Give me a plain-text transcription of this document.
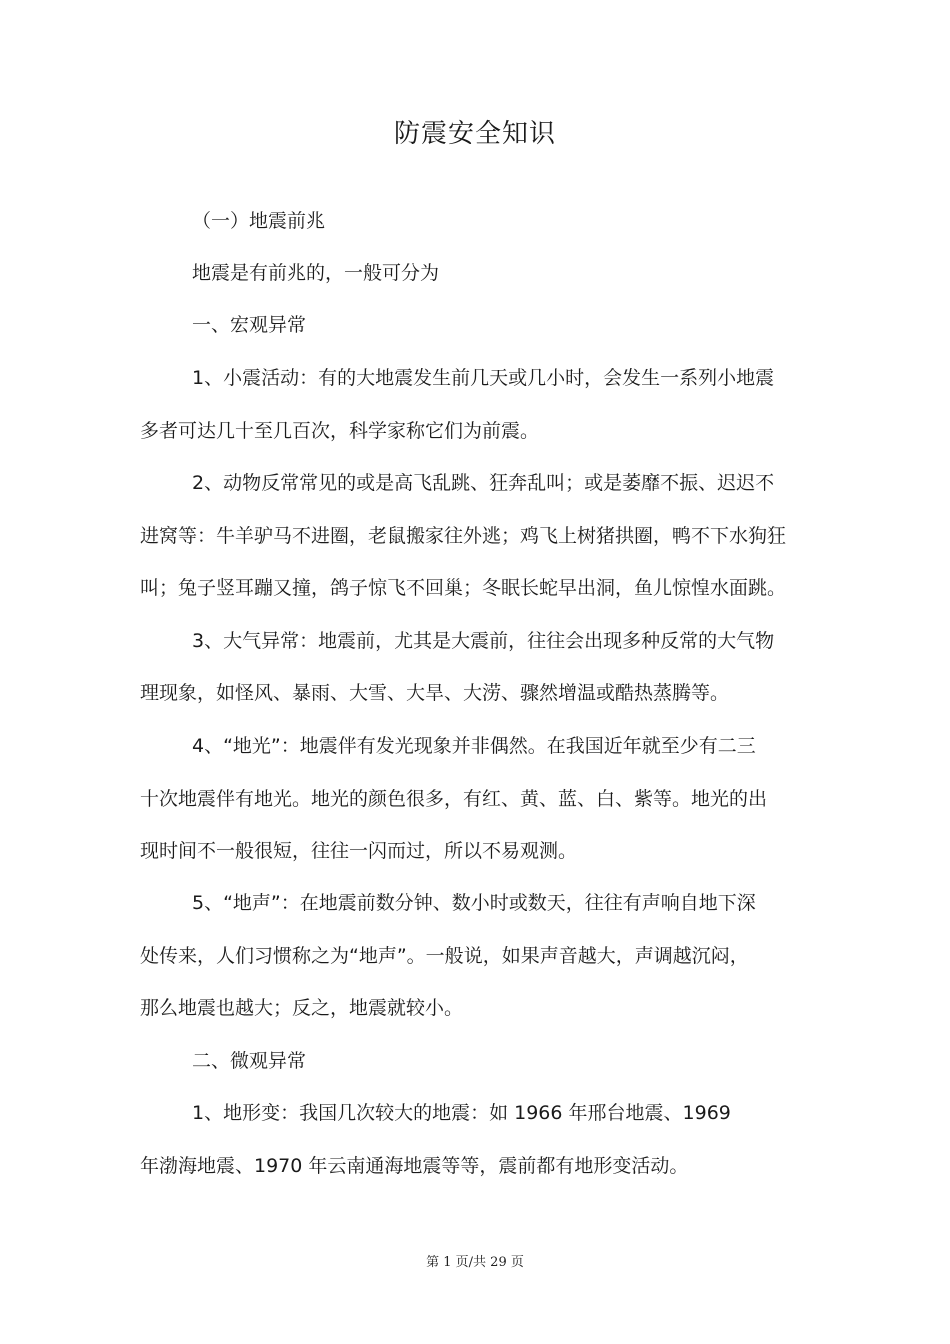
防震安全知识

（一）地震前兆

地震是有前兆的，一般可分为

一、宏观异常

1、小震活动：有的大地震发生前几天或几小时，会发生一系列小地震

多者可达几十至几百次，科学家称它们为前震。

2、动物反常常见的或是高飞乱跳、狂奔乱叫；或是萎靡不振、迟迟不

进窝等：牛羊驴马不进圈，老鼠搬家往外逃；鸡飞上树猪拱圈，鸭不下水狗狂

叫；兔子竖耳蹦又撞，鸽子惊飞不回巢；冬眠长蛇早出洞，鱼儿惊惶水面跳。

3、大气异常：地震前，尤其是大震前，往往会出现多种反常的大气物

理现象，如怪风、暴雨、大雪、大旱、大涝、骤然增温或酷热蒸腾等。

4、“地光”：地震伴有发光现象并非偶然。在我国近年就至少有二三

十次地震伴有地光。地光的颜色很多，有红、黄、蓝、白、紫等。地光的出

现时间不一般很短，往往一闪而过，所以不易观测。

5、“地声”：在地震前数分钟、数小时或数天，往往有声响自地下深

处传来，人们习惯称之为“地声”。一般说，如果声音越大，声调越沉闷，

那么地震也越大；反之，地震就较小。

二、微观异常

1、地形变：我国几次较大的地震：如 1966 年邢台地震、1969

年渤海地震、1970 年云南通海地震等等，震前都有地形变活动。

第 1 页/共 29 页
